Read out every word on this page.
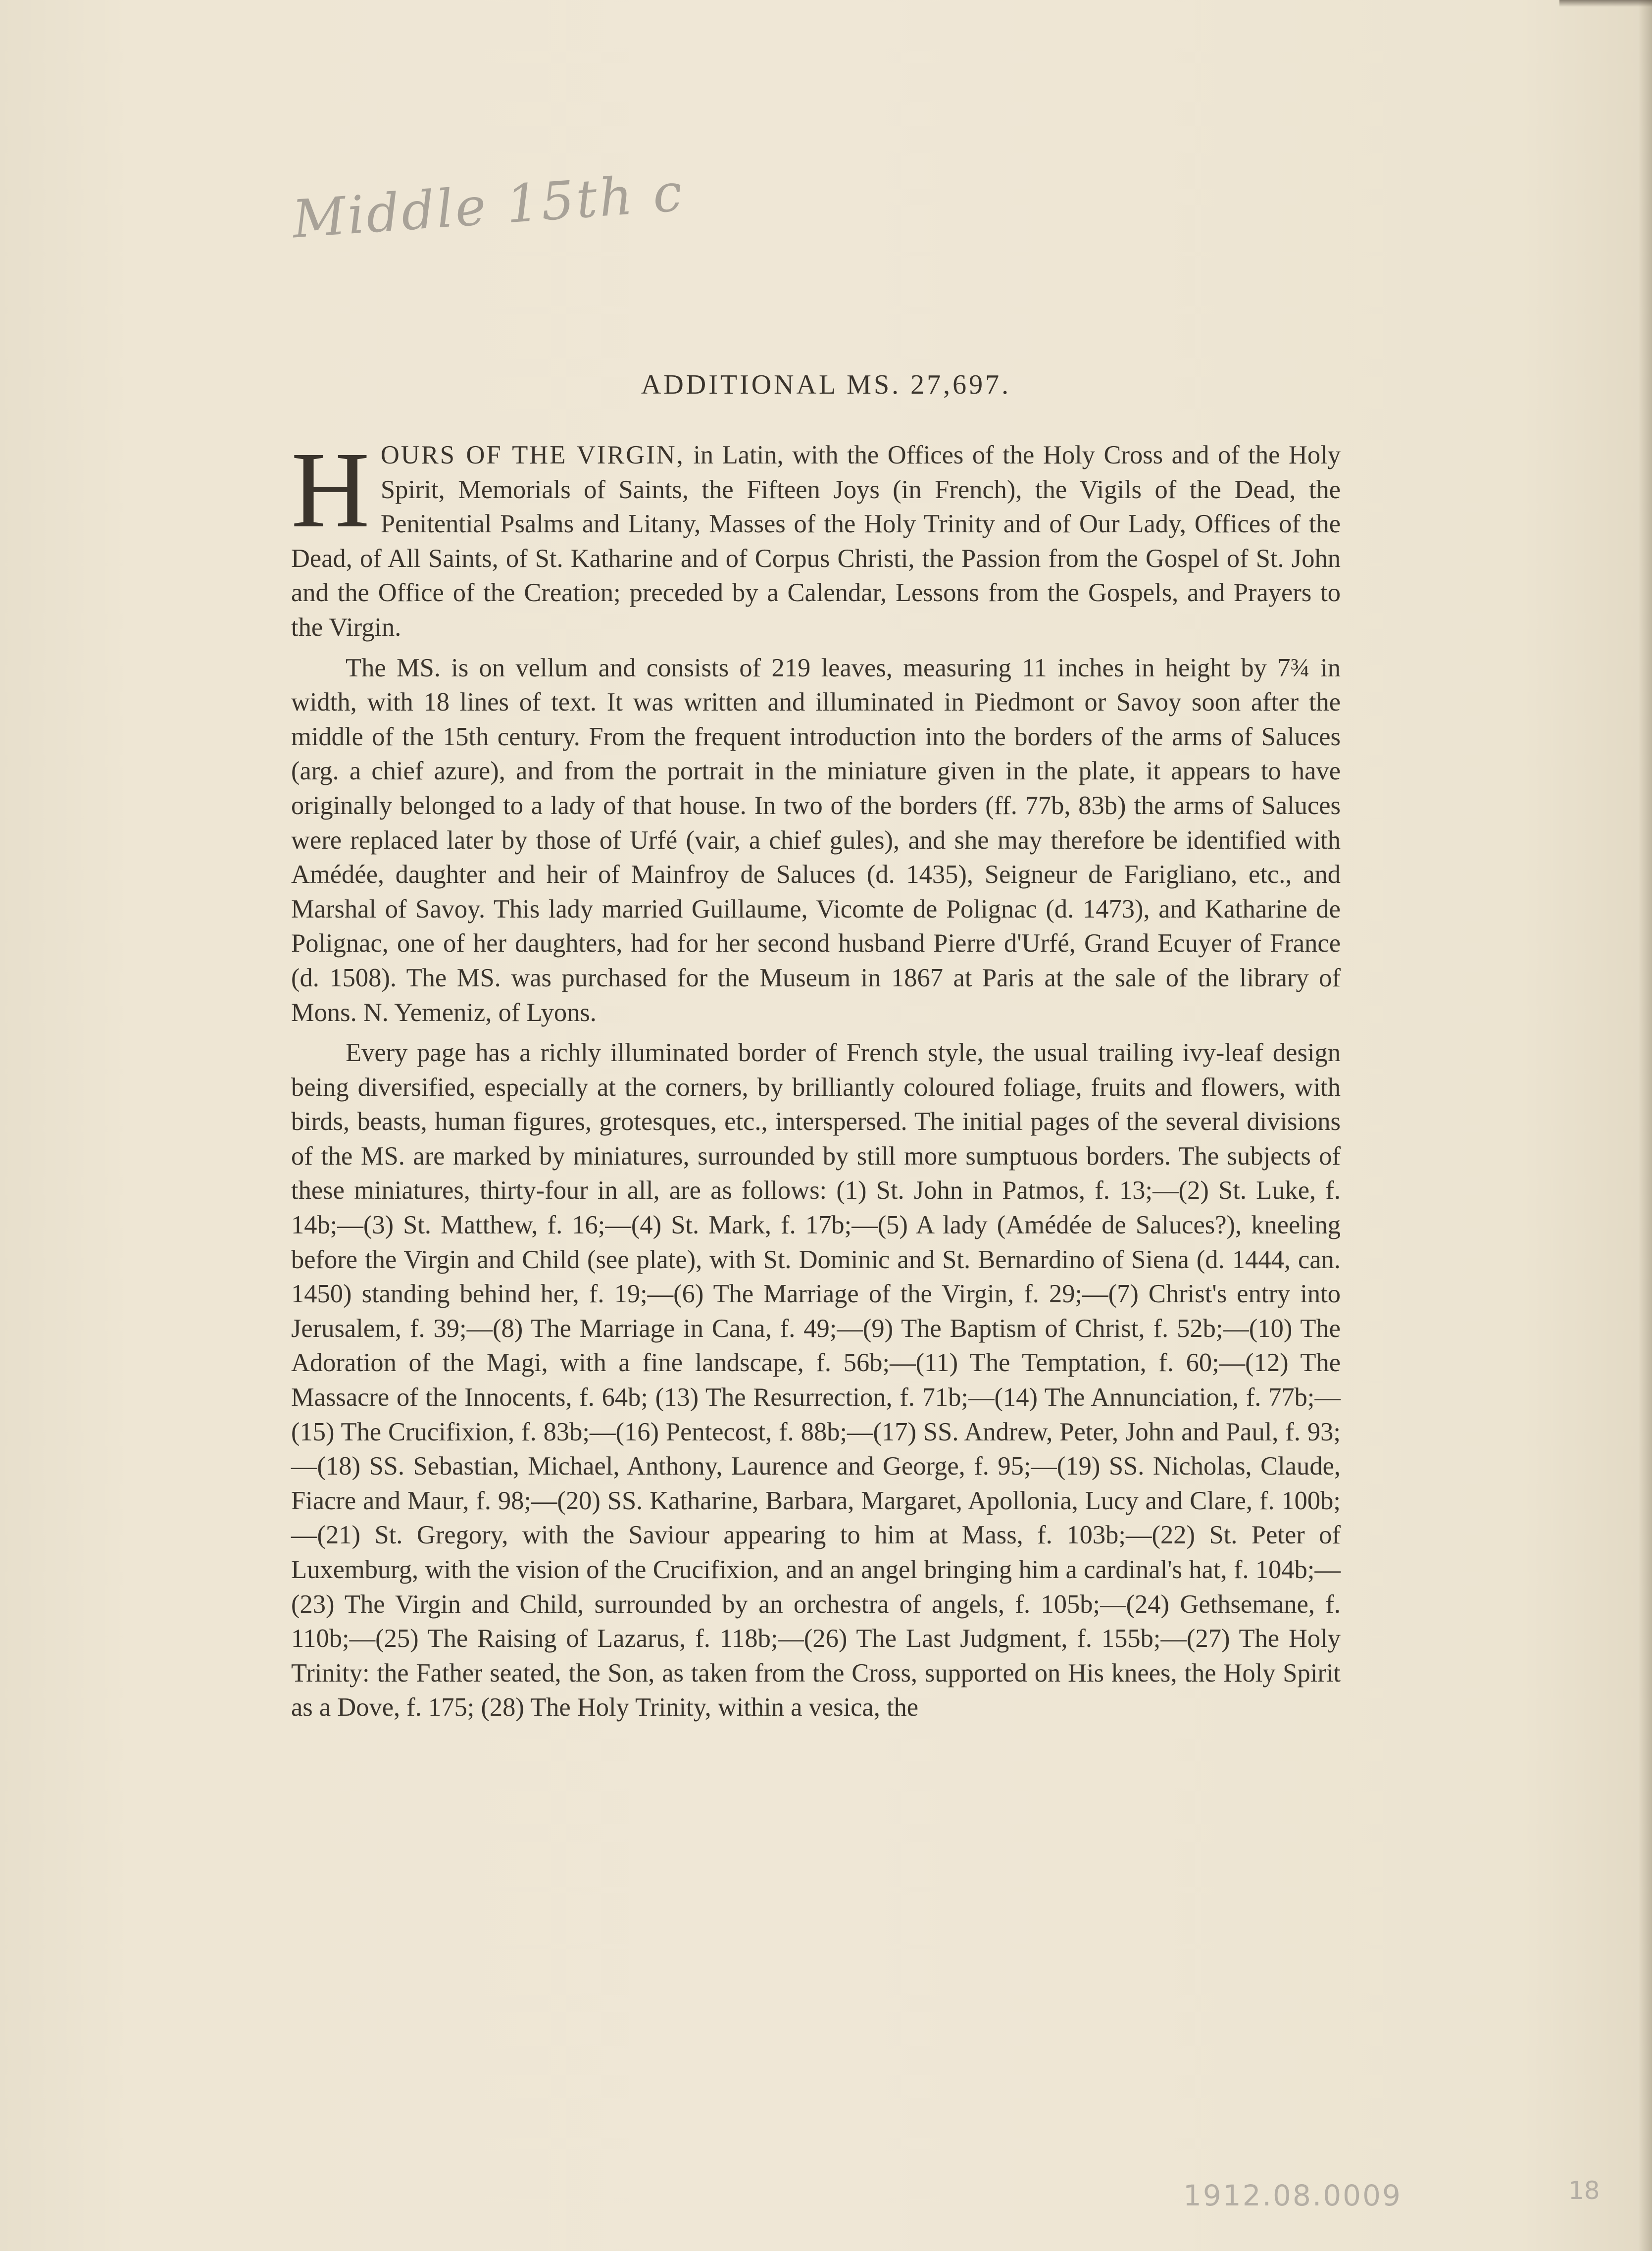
Middle 15th c
ADDITIONAL MS. 27,697.

HOURS OF THE VIRGIN, in Latin, with the Offices of the Holy Cross and of the Holy Spirit, Memorials of Saints, the Fifteen Joys (in French), the Vigils of the Dead, the Penitential Psalms and Litany, Masses of the Holy Trinity and of Our Lady, Offices of the Dead, of All Saints, of St. Katharine and of Corpus Christi, the Passion from the Gospel of St. John and the Office of the Creation; preceded by a Calendar, Lessons from the Gospels, and Prayers to the Virgin.

The MS. is on vellum and consists of 219 leaves, measuring 11 inches in height by 7¾ in width, with 18 lines of text. It was written and illuminated in Piedmont or Savoy soon after the middle of the 15th century. From the frequent introduction into the borders of the arms of Saluces (arg. a chief azure), and from the portrait in the miniature given in the plate, it appears to have originally belonged to a lady of that house. In two of the borders (ff. 77b, 83b) the arms of Saluces were replaced later by those of Urfé (vair, a chief gules), and she may therefore be identified with Amédée, daughter and heir of Mainfroy de Saluces (d. 1435), Seigneur de Farigliano, etc., and Marshal of Savoy. This lady married Guillaume, Vicomte de Polignac (d. 1473), and Katharine de Polignac, one of her daughters, had for her second husband Pierre d'Urfé, Grand Ecuyer of France (d. 1508). The MS. was purchased for the Museum in 1867 at Paris at the sale of the library of Mons. N. Yemeniz, of Lyons.

Every page has a richly illuminated border of French style, the usual trailing ivy-leaf design being diversified, especially at the corners, by brilliantly coloured foliage, fruits and flowers, with birds, beasts, human figures, grotesques, etc., interspersed. The initial pages of the several divisions of the MS. are marked by miniatures, surrounded by still more sumptuous borders. The subjects of these miniatures, thirty-four in all, are as follows: (1) St. John in Patmos, f. 13;—(2) St. Luke, f. 14b;—(3) St. Matthew, f. 16;—(4) St. Mark, f. 17b;—(5) A lady (Amédée de Saluces?), kneeling before the Virgin and Child (see plate), with St. Dominic and St. Bernardino of Siena (d. 1444, can. 1450) standing behind her, f. 19;—(6) The Marriage of the Virgin, f. 29;—(7) Christ's entry into Jerusalem, f. 39;—(8) The Marriage in Cana, f. 49;—(9) The Baptism of Christ, f. 52b;—(10) The Adoration of the Magi, with a fine landscape, f. 56b;—(11) The Temptation, f. 60;—(12) The Massacre of the Innocents, f. 64b; (13) The Resurrection, f. 71b;—(14) The Annunciation, f. 77b;—(15) The Crucifixion, f. 83b;—(16) Pentecost, f. 88b;—(17) SS. Andrew, Peter, John and Paul, f. 93;—(18) SS. Sebastian, Michael, Anthony, Laurence and George, f. 95;—(19) SS. Nicholas, Claude, Fiacre and Maur, f. 98;—(20) SS. Katharine, Barbara, Margaret, Apollonia, Lucy and Clare, f. 100b;—(21) St. Gregory, with the Saviour appearing to him at Mass, f. 103b;—(22) St. Peter of Luxemburg, with the vision of the Crucifixion, and an angel bringing him a cardinal's hat, f. 104b;—(23) The Virgin and Child, surrounded by an orchestra of angels, f. 105b;—(24) Gethsemane, f. 110b;—(25) The Raising of Lazarus, f. 118b;—(26) The Last Judgment, f. 155b;—(27) The Holy Trinity: the Father seated, the Son, as taken from the Cross, supported on His knees, the Holy Spirit as a Dove, f. 175; (28) The Holy Trinity, within a vesica, the

1912.08.0009	18
